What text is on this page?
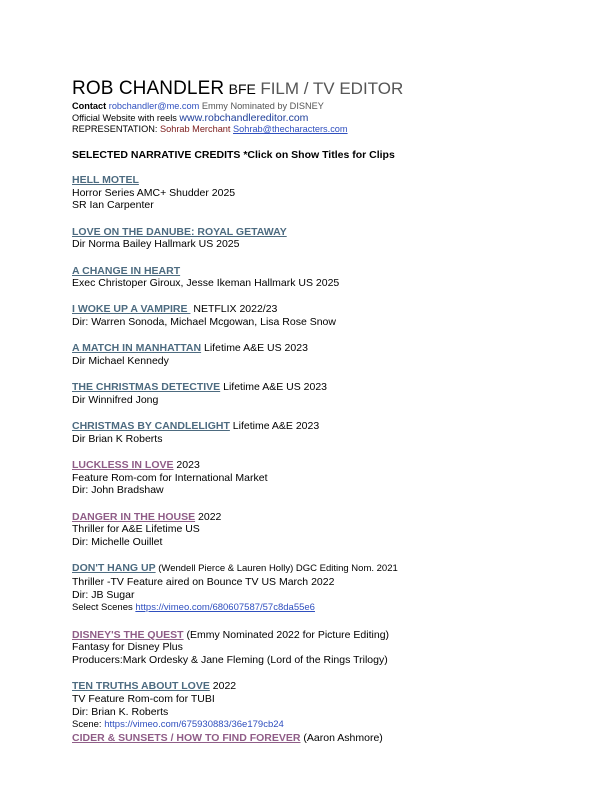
ROB CHANDLER BFE FILM / TV EDITOR
Contact robchandler@me.com Emmy Nominated by DISNEY
Official Website with reels www.robchandlereditor.com
REPRESENTATION: Sohrab Merchant Sohrab@thecharacters.com
SELECTED NARRATIVE CREDITS *Click on Show Titles for Clips
HELL MOTEL
Horror Series AMC+ Shudder 2025
SR Ian Carpenter
LOVE ON THE DANUBE: ROYAL GETAWAY
Dir Norma Bailey Hallmark US 2025
A CHANGE IN HEART
Exec Christoper Giroux, Jesse Ikeman Hallmark US 2025
I WOKE UP A VAMPIRE  NETFLIX 2022/23
Dir: Warren Sonoda, Michael Mcgowan, Lisa Rose Snow
A MATCH IN MANHATTAN Lifetime A&E US 2023
Dir Michael Kennedy
THE CHRISTMAS DETECTIVE Lifetime A&E US 2023
Dir Winnifred Jong
CHRISTMAS BY CANDLELIGHT Lifetime A&E 2023
Dir Brian K Roberts
LUCKLESS IN LOVE 2023
Feature Rom-com for International Market
Dir: John Bradshaw
DANGER IN THE HOUSE 2022
Thriller for A&E Lifetime US
Dir: Michelle Ouillet
DON'T HANG UP (Wendell Pierce & Lauren Holly) DGC Editing Nom. 2021
Thriller -TV Feature aired on Bounce TV US March 2022
Dir: JB Sugar
Select Scenes https://vimeo.com/680607587/57c8da55e6
DISNEY'S THE QUEST (Emmy Nominated 2022 for Picture Editing)
Fantasy for Disney Plus
Producers:Mark Ordesky & Jane Fleming (Lord of the Rings Trilogy)
TEN TRUTHS ABOUT LOVE 2022
TV Feature Rom-com for TUBI
Dir: Brian K. Roberts
Scene: https://vimeo.com/675930883/36e179cb24
CIDER & SUNSETS / HOW TO FIND FOREVER (Aaron Ashmore)
